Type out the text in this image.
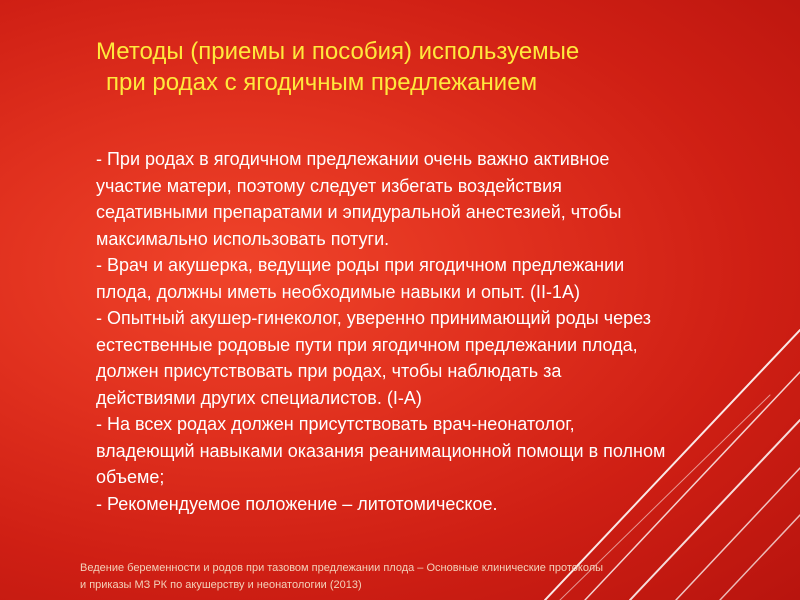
Методы (приемы и пособия) используемые
при родах с ягодичным предлежанием
- При родах в ягодичном предлежании очень важно активное
участие матери, поэтому следует избегать воздействия
седативными препаратами и эпидуральной анестезией, чтобы
максимально использовать потуги.
- Врач и акушерка, ведущие роды при ягодичном предлежании
плода, должны иметь необходимые навыки и опыт. (II-1A)
- Опытный акушер-гинеколог, уверенно принимающий роды через
естественные родовые пути при ягодичном предлежании плода,
должен присутствовать при родах, чтобы наблюдать за
действиями других специалистов. (I-A)
- На всех родах должен присутствовать врач-неонатолог,
владеющий навыками оказания реанимационной помощи в полном
объеме;
- Рекомендуемое положение – литотомическое.

Ведение беременности и родов при тазовом предлежании плода – Основные клинические протоколы
и приказы МЗ РК по акушерству и неонатологии (2013)
